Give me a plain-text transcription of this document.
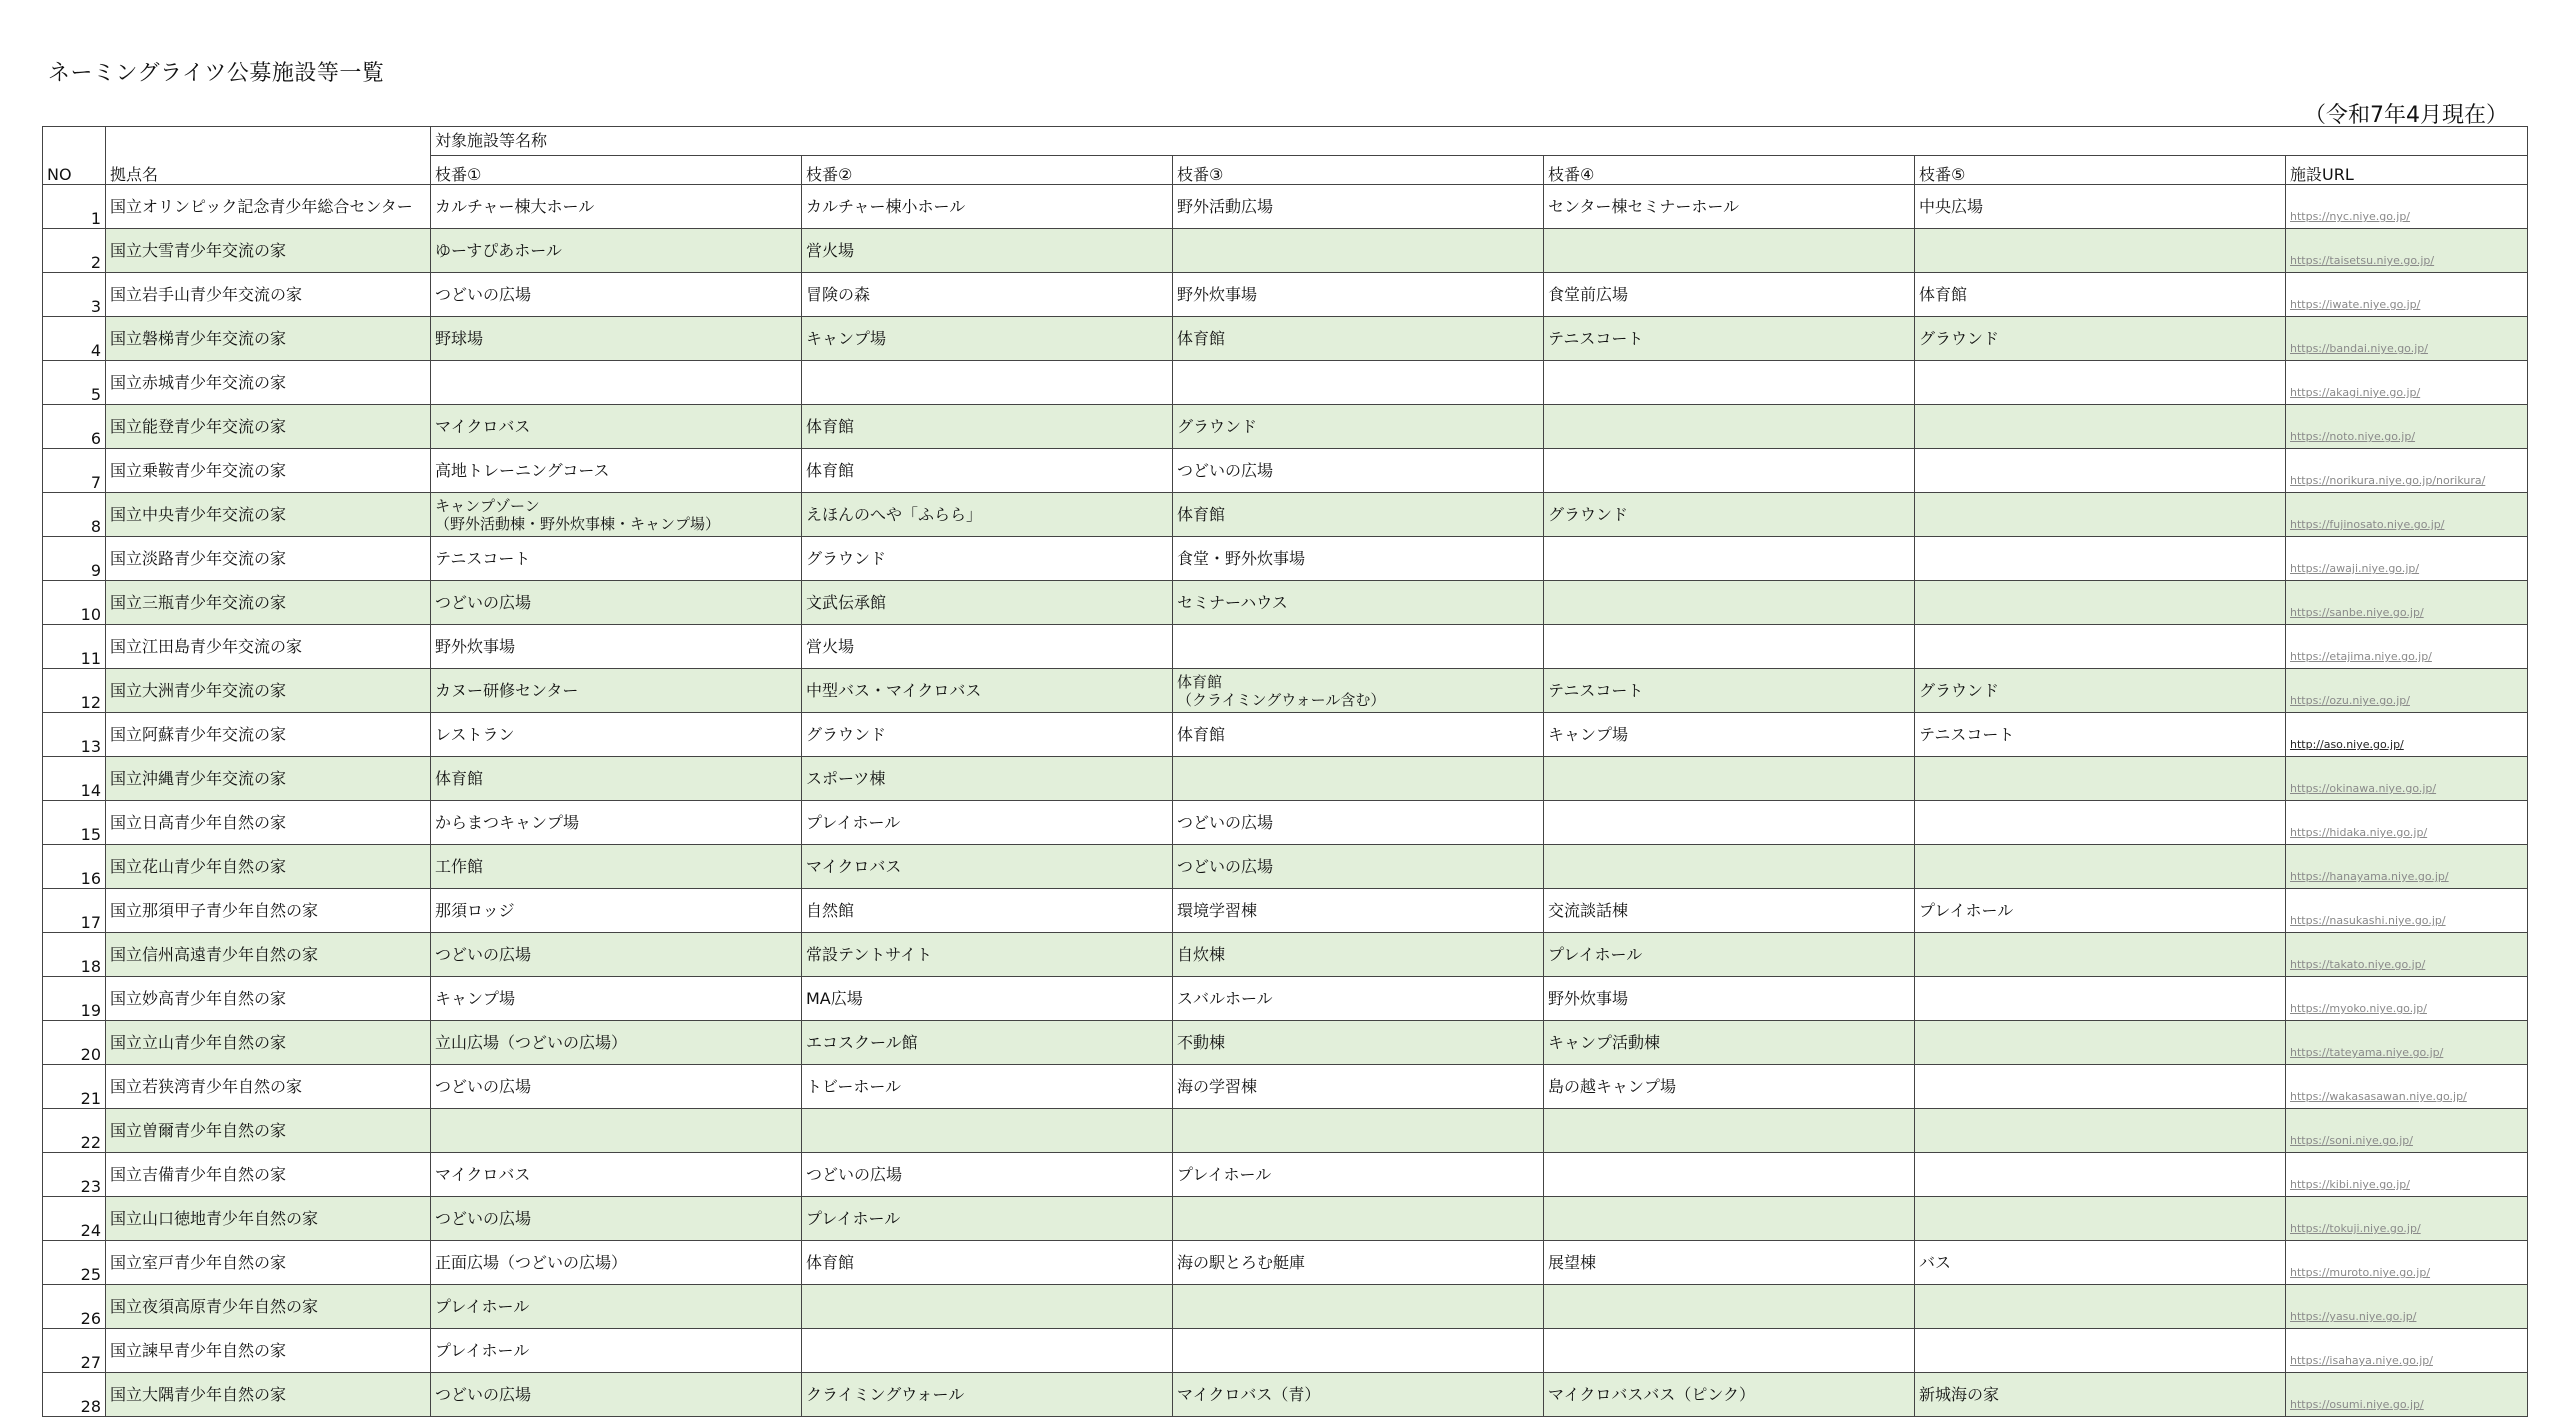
ネーミングライツ公募施設等一覧
（令和7年4月現在）
		対象施設等名称					
NO	拠点名	枝番①	枝番②	枝番③	枝番④	枝番⑤	施設URL
1	国立オリンピック記念青少年総合センター	カルチャー棟大ホール	カルチャー棟小ホール	野外活動広場	センター棟セミナーホール	中央広場	https://nyc.niye.go.jp/
2	国立大雪青少年交流の家	ゆーすぴあホール	営火場				https://taisetsu.niye.go.jp/
3	国立岩手山青少年交流の家	つどいの広場	冒険の森	野外炊事場	食堂前広場	体育館	https://iwate.niye.go.jp/
4	国立磐梯青少年交流の家	野球場	キャンプ場	体育館	テニスコート	グラウンド	https://bandai.niye.go.jp/
5	国立赤城青少年交流の家						https://akagi.niye.go.jp/
6	国立能登青少年交流の家	マイクロバス	体育館	グラウンド			https://noto.niye.go.jp/
7	国立乗鞍青少年交流の家	高地トレーニングコース	体育館	つどいの広場			https://norikura.niye.go.jp/norikura/
8	国立中央青少年交流の家	キャンプゾーン
（野外活動棟・野外炊事棟・キャンプ場）	えほんのへや「ふらら」	体育館	グラウンド		https://fujinosato.niye.go.jp/
9	国立淡路青少年交流の家	テニスコート	グラウンド	食堂・野外炊事場			https://awaji.niye.go.jp/
10	国立三瓶青少年交流の家	つどいの広場	文武伝承館	セミナーハウス			https://sanbe.niye.go.jp/
11	国立江田島青少年交流の家	野外炊事場	営火場				https://etajima.niye.go.jp/
12	国立大洲青少年交流の家	カヌー研修センター	中型バス・マイクロバス	体育館
（クライミングウォール含む）	テニスコート	グラウンド	https://ozu.niye.go.jp/
13	国立阿蘇青少年交流の家	レストラン	グラウンド	体育館	キャンプ場	テニスコート	http://aso.niye.go.jp/
14	国立沖縄青少年交流の家	体育館	スポーツ棟				https://okinawa.niye.go.jp/
15	国立日高青少年自然の家	からまつキャンプ場	プレイホール	つどいの広場			https://hidaka.niye.go.jp/
16	国立花山青少年自然の家	工作館	マイクロバス	つどいの広場			https://hanayama.niye.go.jp/
17	国立那須甲子青少年自然の家	那須ロッジ	自然館	環境学習棟	交流談話棟	プレイホール	https://nasukashi.niye.go.jp/
18	国立信州高遠青少年自然の家	つどいの広場	常設テントサイト	自炊棟	プレイホール		https://takato.niye.go.jp/
19	国立妙高青少年自然の家	キャンプ場	MA広場	スバルホール	野外炊事場		https://myoko.niye.go.jp/
20	国立立山青少年自然の家	立山広場（つどいの広場）	エコスクール館	不動棟	キャンプ活動棟		https://tateyama.niye.go.jp/
21	国立若狭湾青少年自然の家	つどいの広場	トビーホール	海の学習棟	島の越キャンプ場		https://wakasasawan.niye.go.jp/
22	国立曽爾青少年自然の家						https://soni.niye.go.jp/
23	国立吉備青少年自然の家	マイクロバス	つどいの広場	プレイホール			https://kibi.niye.go.jp/
24	国立山口徳地青少年自然の家	つどいの広場	プレイホール				https://tokuji.niye.go.jp/
25	国立室戸青少年自然の家	正面広場（つどいの広場）	体育館	海の駅とろむ艇庫	展望棟	バス	https://muroto.niye.go.jp/
26	国立夜須高原青少年自然の家	プレイホール					https://yasu.niye.go.jp/
27	国立諫早青少年自然の家	プレイホール					https://isahaya.niye.go.jp/
28	国立大隅青少年自然の家	つどいの広場	クライミングウォール	マイクロバス（青）	マイクロバスバス（ピンク）	新城海の家	https://osumi.niye.go.jp/
